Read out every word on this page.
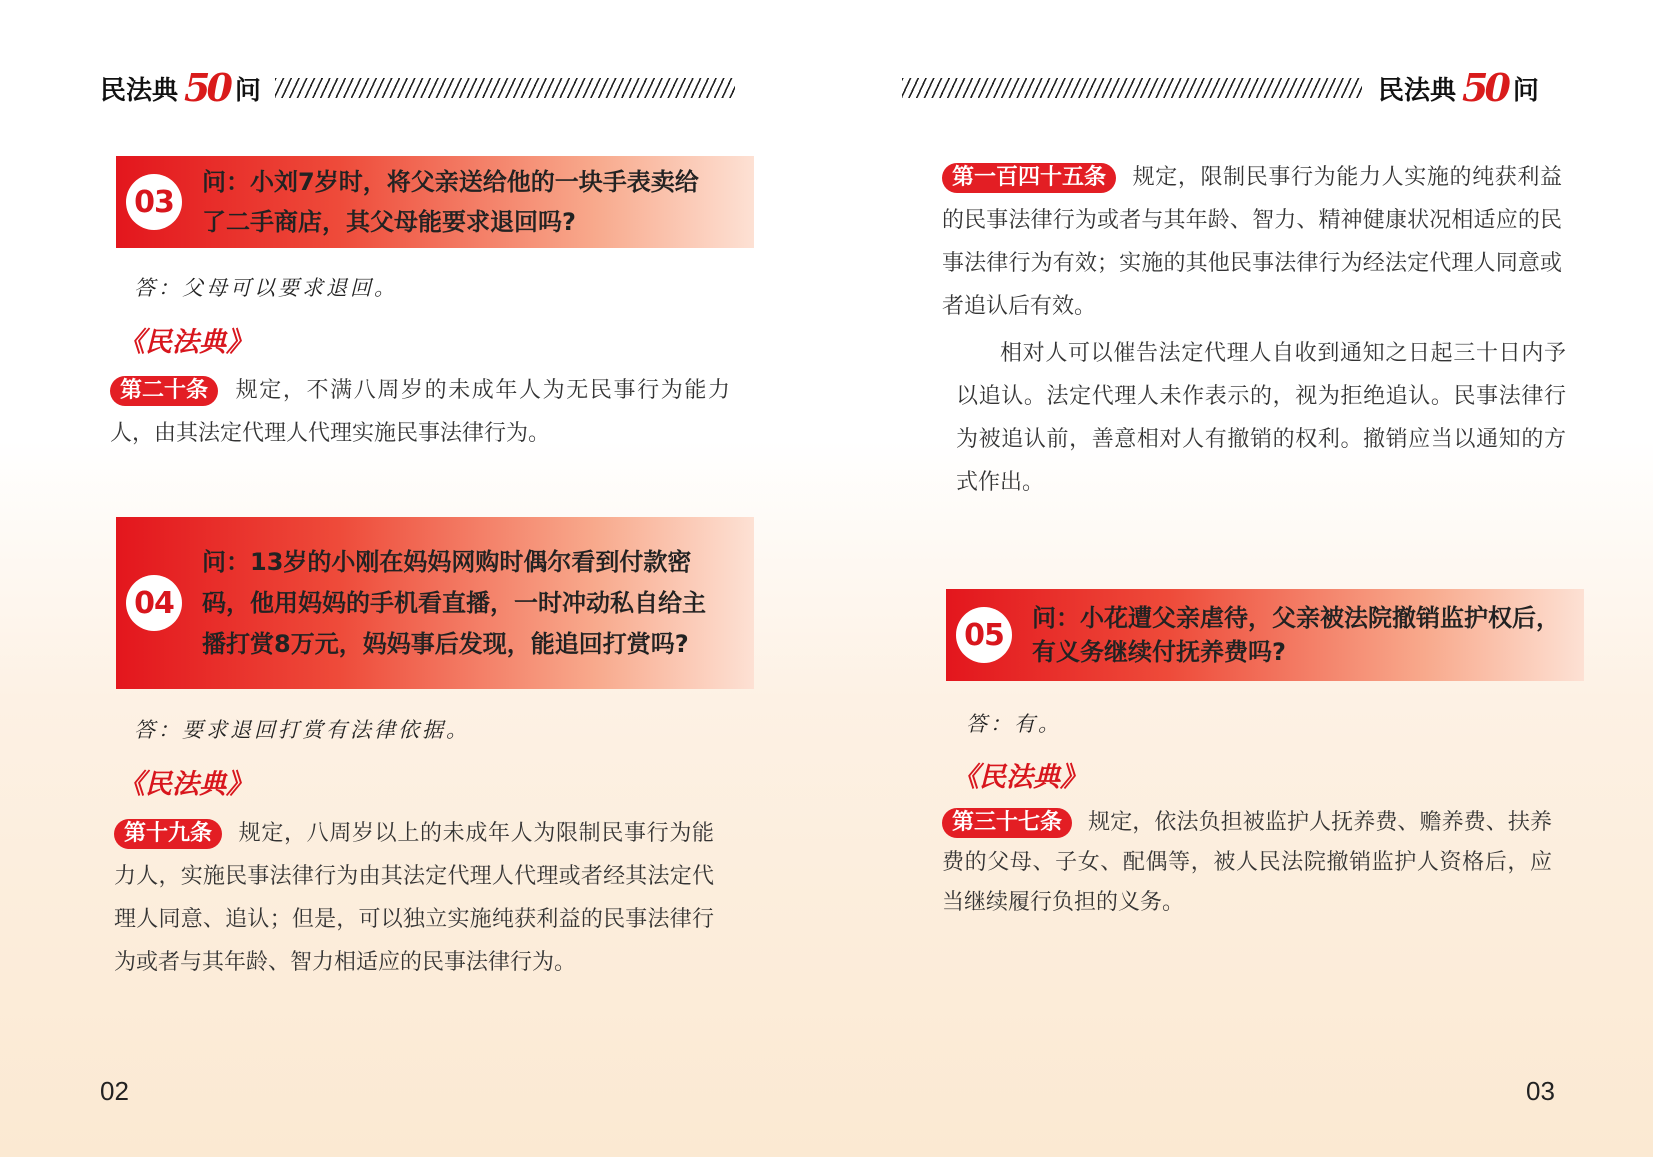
民法典 50 问
03
问：小刘7岁时，将父亲送给他的一块手表卖给了二手商店，其父母能要求退回吗?
答：父母可以要求退回。
《民法典》
第二十条 规定，不满八周岁的未成年人为无民事行为能力人，由其法定代理人代理实施民事法律行为。
04
问：13岁的小刚在妈妈网购时偶尔看到付款密码，他用妈妈的手机看直播，一时冲动私自给主播打赏8万元，妈妈事后发现，能追回打赏吗?
答：要求退回打赏有法律依据。
《民法典》
第十九条 规定，八周岁以上的未成年人为限制民事行为能力人，实施民事法律行为由其法定代理人代理或者经其法定代理人同意、追认；但是，可以独立实施纯获利益的民事法律行为或者与其年龄、智力相适应的民事法律行为。
02
民法典 50 问
第一百四十五条 规定，限制民事行为能力人实施的纯获利益的民事法律行为或者与其年龄、智力、精神健康状况相适应的民事法律行为有效；实施的其他民事法律行为经法定代理人同意或者追认后有效。
相对人可以催告法定代理人自收到通知之日起三十日内予以追认。法定代理人未作表示的，视为拒绝追认。民事法律行为被追认前，善意相对人有撤销的权利。撤销应当以通知的方式作出。
05	问：小花遭父亲虐待，父亲被法院撤销监护权后，有义务继续付抚养费吗?
答：有。
《民法典》
第三十七条 规定，依法负担被监护人抚养费、赡养费、扶养费的父母、子女、配偶等，被人民法院撤销监护人资格后，应当继续履行负担的义务。
03
